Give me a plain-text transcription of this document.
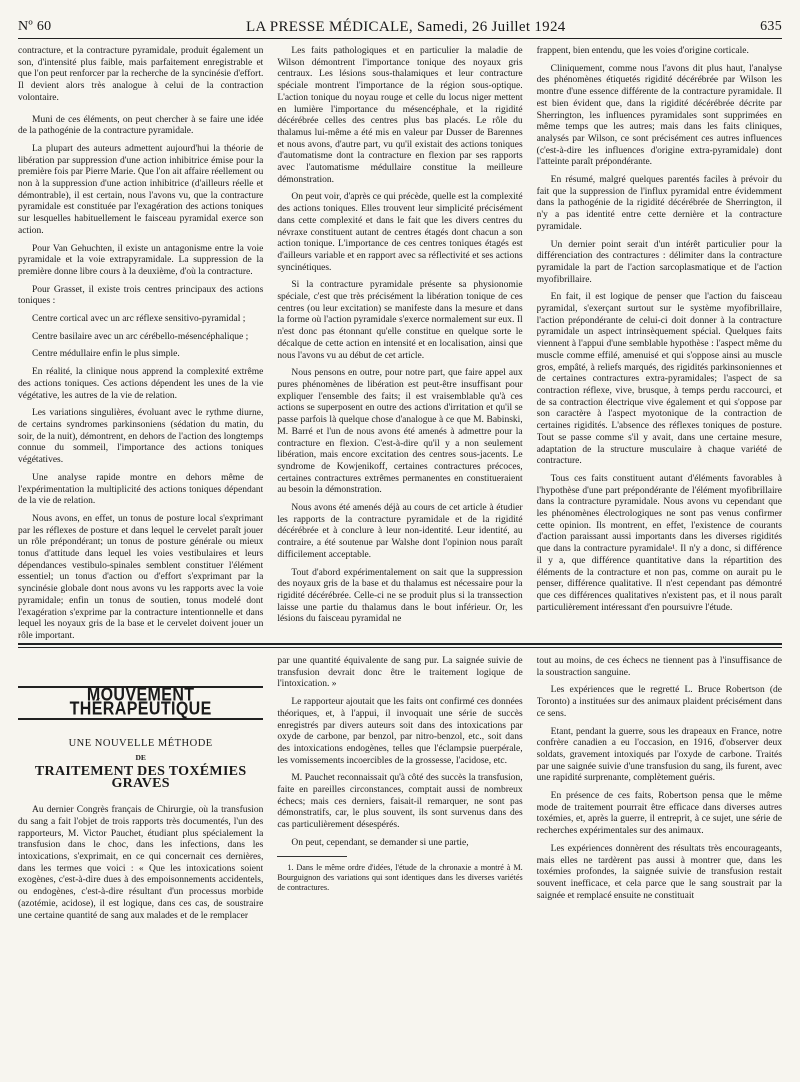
Nº 60	LA PRESSE MÉDICALE, Samedi, 26 Juillet 1924	635

contracture, et la contracture pyramidale, produit également un son, d'intensité plus faible, mais parfaitement enregistrable et que l'on peut renforcer par la recherche de la syncinésie d'effort. Il devient alors très analogue à celui de la contraction volontaire.

Muni de ces éléments, on peut chercher à se faire une idée de la pathogénie de la contracture pyramidale.

La plupart des auteurs admettent aujourd'hui la théorie de libération par suppression d'une action inhibitrice émise pour la première fois par Pierre Marie. Que l'on ait affaire réellement ou non à la suppression d'une action inhibitrice (d'ailleurs réelle et démontrable), il est certain, nous l'avons vu, que la contracture pyramidale est constituée par l'exagération des actions toniques sur lesquelles habituellement le faisceau pyramidal exerce son action.

Pour Van Gehuchten, il existe un antagonisme entre la voie pyramidale et la voie extrapyramidale. La suppression de la première donne libre cours à la deuxième, d'où la contracture.

Pour Grasset, il existe trois centres principaux des actions toniques :

Centre cortical avec un arc réflexe sensitivo-pyramidal ;

Centre basilaire avec un arc cérébello-mésencéphalique ;

Centre médullaire enfin le plus simple.

En réalité, la clinique nous apprend la complexité extrême des actions toniques. Ces actions dépendent les unes de la vie végétative, les autres de la vie de relation.

Les variations singulières, évoluant avec le rythme diurne, de certains syndromes parkinsoniens (sédation du matin, du soir, de la nuit), démontrent, en dehors de l'action des longtemps connue du sommeil, l'importance des actions toniques végétatives.

Une analyse rapide montre en dehors même de l'expérimentation la multiplicité des actions toniques dépendant de la vie de relation.

Nous avons, en effet, un tonus de posture local s'exprimant par les réflexes de posture et dans lequel le cervelet paraît jouer un rôle prépondérant; un tonus de posture générale ou mieux tonus d'attitude dans lequel les voies vestibulaires et leurs dépendances vestibulo-spinales semblent constituer l'élément essentiel; un tonus d'action ou d'effort s'exprimant par la syncinésie globale dont nous avons vu les rapports avec la voie pyramidale; enfin un tonus de soutien, tonus modelé dont l'exagération s'exprime par la contracture intentionnelle et dans lequel les noyaux gris de la base et le cervelet doivent jouer un rôle important.

Les faits pathologiques et en particulier la maladie de Wilson démontrent l'importance tonique des noyaux gris centraux. Les lésions sous-thalamiques et leur contracture spéciale montrent l'importance de la région sous-optique. L'action tonique du noyau rouge et celle du locus niger mettent en lumière l'importance du mésencéphale, et la rigidité décérébrée celles des centres plus bas placés. Le rôle du thalamus lui-même a été mis en valeur par Dusser de Barennes et nous avons, d'autre part, vu qu'il existait des actions toniques d'automatisme dont la contracture en flexion par ses rapports avec l'automatisme médullaire constitue la meilleure démonstration.

On peut voir, d'après ce qui précède, quelle est la complexité des actions toniques. Elles trouvent leur simplicité précisément dans cette complexité et dans le fait que les divers centres du névraxe constituent autant de centres étagés dont chacun a son action tonique. L'importance de ces centres toniques étagés est d'ailleurs variable et en rapport avec sa réflectivité et ses actions syncinétiques.

Si la contracture pyramidale présente sa physionomie spéciale, c'est que très précisément la libération tonique de ces centres (ou leur excitation) se manifeste dans la mesure et dans la forme où l'action pyramidale s'exerce normalement sur eux. Il n'est donc pas étonnant qu'elle constitue en quelque sorte le décalque de cette action en intensité et en localisation, ainsi que nous l'avons vu au début de cet article.

Nous pensons en outre, pour notre part, que faire appel aux pures phénomènes de libération est peut-être insuffisant pour expliquer l'ensemble des faits; il est vraisemblable qu'à ces actions se superposent en outre des actions d'irritation et qu'il se passe parfois là quelque chose d'analogue à ce que M. Babinski, M. Barré et l'un de nous avons été amenés à admettre pour la contracture en flexion. C'est-à-dire qu'il y a non seulement libération, mais encore excitation des centres sous-jacents. Le syndrome de Kowjenikoff, certaines contractures précoces, certaines contractures extrêmes permanentes en constitueraient au besoin la démonstration.

Nous avons été amenés déjà au cours de cet article à étudier les rapports de la contracture pyramidale et de la rigidité décérébrée et à conclure à leur non-identité. Leur identité, au contraire, a été soutenue par Walshe dont l'opinion nous paraît difficilement acceptable.

Tout d'abord expérimentalement on sait que la suppression des noyaux gris de la base et du thalamus est nécessaire pour la rigidité décérébrée. Celle-ci ne se produit plus si la transsection laisse une partie du thalamus dans le bout inférieur. Or, les lésions du faisceau pyramidal ne

frappent, bien entendu, que les voies d'origine corticale.

Cliniquement, comme nous l'avons dit plus haut, l'analyse des phénomènes étiquetés rigidité décérébrée par Wilson les montre d'une essence différente de la contracture pyramidale. Il est bien évident que, dans la rigidité décérébrée décrite par Sherrington, les influences pyramidales sont supprimées en même temps que les autres; mais dans les faits cliniques, analysés par Wilson, ce sont précisément ces autres influences (c'est-à-dire les influences d'origine extra-pyramidale) dont l'atteinte paraît prépondérante.

En résumé, malgré quelques parentés faciles à prévoir du fait que la suppression de l'influx pyramidal entre évidemment dans la pathogénie de la rigidité décérébrée de Sherrington, il n'y a pas identité entre cette dernière et la contracture pyramidale.

Un dernier point serait d'un intérêt particulier pour la différenciation des contractures : délimiter dans la contracture pyramidale la part de l'action sarcoplasmatique et de l'action myofibrillaire.

En fait, il est logique de penser que l'action du faisceau pyramidal, s'exerçant surtout sur le système myofibrillaire, l'action prépondérante de celui-ci doit donner à la contracture pyramidale un aspect intrinsèquement spécial. Quelques faits viennent à l'appui d'une semblable hypothèse : l'aspect même du muscle comme effilé, amenuisé et qui s'oppose ainsi au muscle gros, empâté, à reliefs marqués, des rigidités parkinsoniennes et de certaines contractures extra-pyramidales; l'aspect de sa contraction réflexe, vive, brusque, à temps perdu raccourci, et de sa contraction électrique vive également et qui s'oppose par son caractère à l'aspect myotonique de la contraction de certaines rigidités. L'absence des réflexes toniques de posture. Tout se passe comme s'il y avait, dans une certaine mesure, adaptation de la structure musculaire à chaque variété de contracture.

Tous ces faits constituent autant d'éléments favorables à l'hypothèse d'une part prépondérante de l'élément myofibrillaire dans la contracture pyramidale. Nous avons vu cependant que les phénomènes électrologiques ne sont pas venus confirmer cette opinion. Ils montrent, en effet, l'existence de courants d'action paraissant aussi importants dans les diverses rigidités que dans la contracture pyramidale¹. Il n'y a donc, si différence il y a, que différence quantitative dans la répartition des éléments de la contracture et non pas, comme on aurait pu le penser, différence qualitative. Il n'est cependant pas démontré que ces différences qualitatives n'existent pas, et il nous paraît particulièrement intéressant d'en poursuivre l'étude.

MOUVEMENT THÉRAPEUTIQUE
UNE NOUVELLE MÉTHODE
DE
TRAITEMENT DES TOXÉMIES GRAVES

Au dernier Congrès français de Chirurgie, où la transfusion du sang a fait l'objet de trois rapports très documentés, l'un des rapporteurs, M. Victor Pauchet, étudiant plus spécialement la transfusion dans le choc, dans les infections, dans les intoxications, s'exprimait, en ce qui concernait ces dernières, dans les termes que voici : « Que les intoxications soient exogènes, c'est-à-dire dues à des empoisonnements accidentels, ou endogènes, c'est-à-dire résultant d'un processus morbide (azotémie, acidose), il est logique, dans ces cas, de soustraire une certaine quantité de sang aux malades et de le remplacer

par une quantité équivalente de sang pur. La saignée suivie de transfusion devrait donc être le traitement logique de l'intoxication. »

Le rapporteur ajoutait que les faits ont confirmé ces données théoriques, et, à l'appui, il invoquait une série de succès enregistrés par divers auteurs soit dans des intoxications par oxyde de carbone, par benzol, par nitro-benzol, etc., soit dans des intoxications endogènes, telles que l'éclampsie puerpérale, les vomissements incoercibles de la grossesse, l'acidose, etc.

M. Pauchet reconnaissait qu'à côté des succès la transfusion, faite en pareilles circonstances, comptait aussi de nombreux échecs; mais ces derniers, faisait-il remarquer, ne sont pas démonstratifs, car, le plus souvent, ils sont survenus dans des cas particulièrement désespérés.

On peut, cependant, se demander si une partie,

1. Dans le même ordre d'idées, l'étude de la chronaxie a montré à M. Bourguignon des variations qui sont identiques dans les diverses variétés de contractures.

tout au moins, de ces échecs ne tiennent pas à l'insuffisance de la soustraction sanguine.

Les expériences que le regretté L. Bruce Robertson (de Toronto) a instituées sur des animaux plaident précisément dans ce sens.

Etant, pendant la guerre, sous les drapeaux en France, notre confrère canadien a eu l'occasion, en 1916, d'observer deux soldats, gravement intoxiqués par l'oxyde de carbone. Traités par une saignée suivie d'une transfusion du sang, ils furent, avec une rapidité surprenante, complètement guéris.

En présence de ces faits, Robertson pensa que le même mode de traitement pourrait être efficace dans diverses autres toxémies, et, après la guerre, il entreprit, à ce sujet, une série de recherches expérimentales sur des animaux.

Les expériences donnèrent des résultats très encourageants, mais elles ne tardèrent pas aussi à montrer que, dans les toxémies profondes, la saignée suivie de transfusion restait souvent inefficace, et cela parce que le sang soustrait par la saignée et remplacé ensuite ne constituait
